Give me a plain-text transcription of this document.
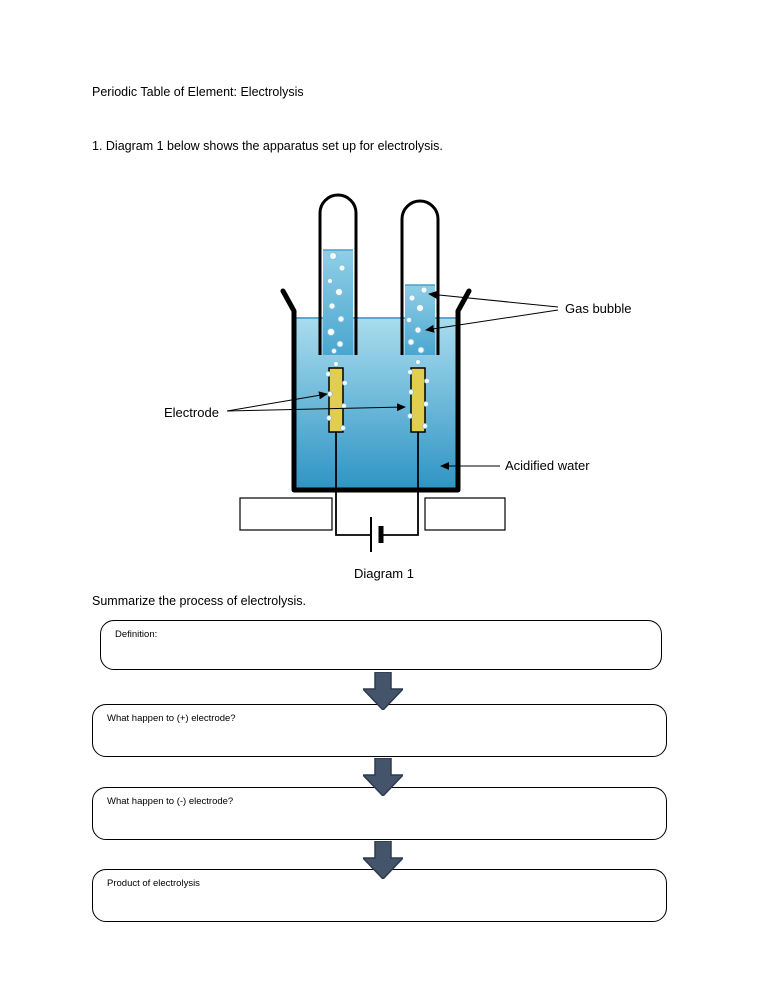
Periodic Table of Element: Electrolysis
1. Diagram 1 below shows the apparatus set up for electrolysis.
Gas bubble
Electrode
Acidified water
Diagram 1
Summarize the process of electrolysis.
Definition:
What happen to (+) electrode?
What happen to (-) electrode?
Product of electrolysis
